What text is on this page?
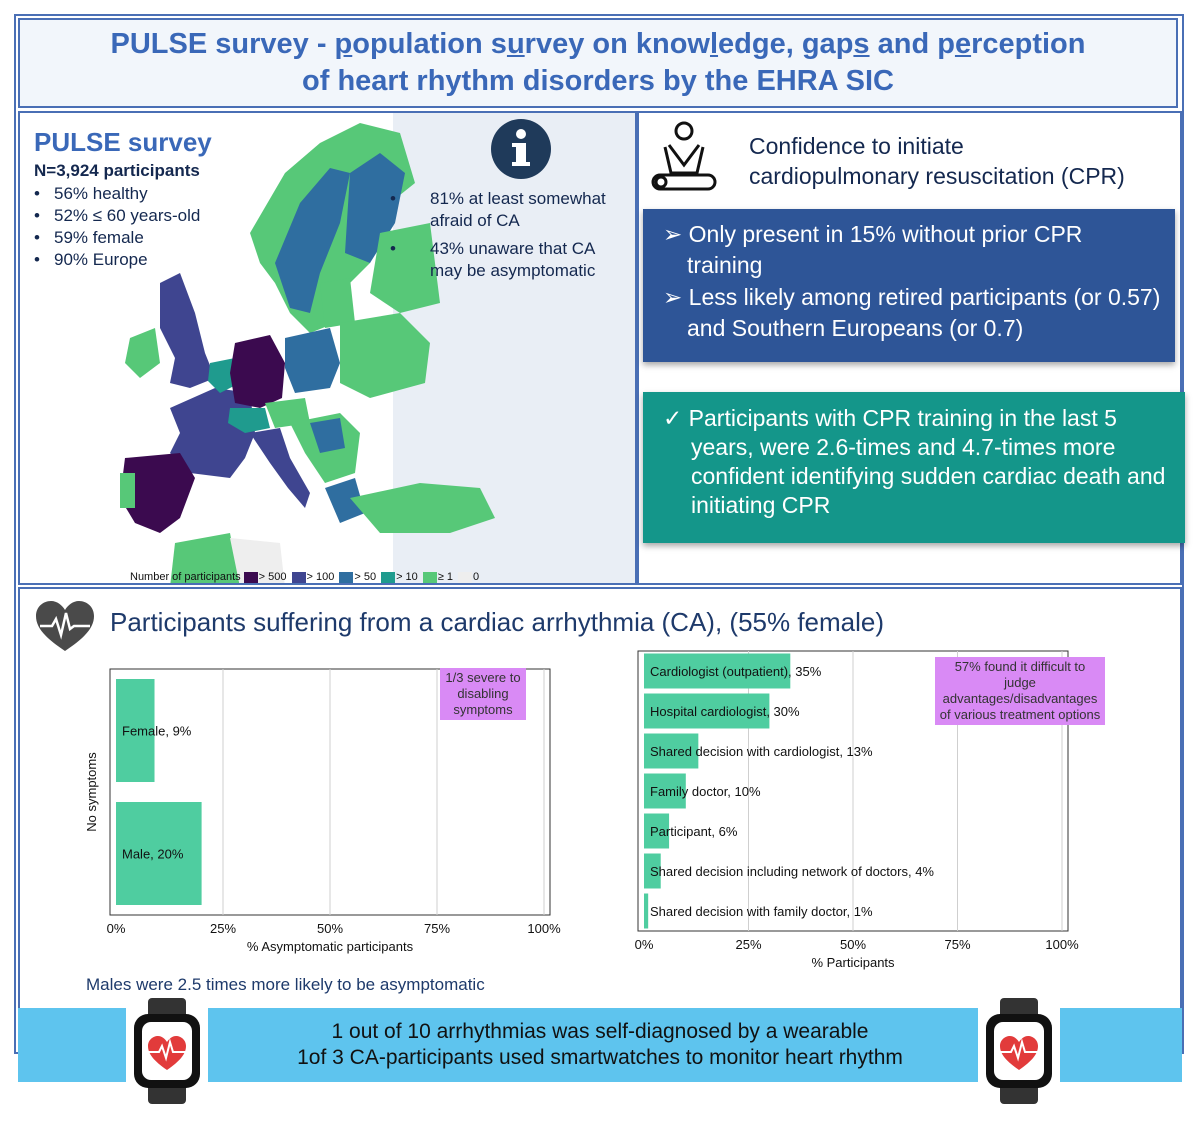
PULSE survey - population survey on knowledge, gaps and perception
of heart rhythm disorders by the EHRA SIC
PULSE survey
N=3,924 participants
• 56% healthy
• 52% ≤ 60 years-old
• 59% female
• 90% Europe
• 81% at least somewhat afraid of CA
• 43% unaware that CA may be asymptomatic
Number of participants > 500 > 100 > 50 > 10 ≥ 1 0
Confidence to initiate
cardiopulmonary resuscitation (CPR)
➢ Only present in 15% without prior CPR training
➢ Less likely among retired participants (or 0.57) and Southern Europeans (or 0.7)
✓ Participants with CPR training in the last 5 years, were 2.6-times and 4.7-times more confident identifying sudden cardiac death and initiating CPR
Participants suffering from a cardiac arrhythmia (CA), (55% female)
0%	25%	50%	75%	100%
Female, 9%
Male, 20%
% Asymptomatic participants
No symptoms
1/3 severe to disabling symptoms
0%	25%	50%	75%	100%
Cardiologist (outpatient), 35%
Hospital cardiologist, 30%
Shared decision with cardiologist, 13%
Family doctor, 10%
Participant, 6%
Shared decision including network of doctors, 4%
Shared decision with family doctor, 1%
% Participants
57% found it difficult to judge advantages/disadvantages of various treatment options
Males were 2.5 times more likely to be asymptomatic
1 out of 10 arrhythmias was self-diagnosed by a wearable
1of 3 CA-participants used smartwatches to monitor heart rhythm
